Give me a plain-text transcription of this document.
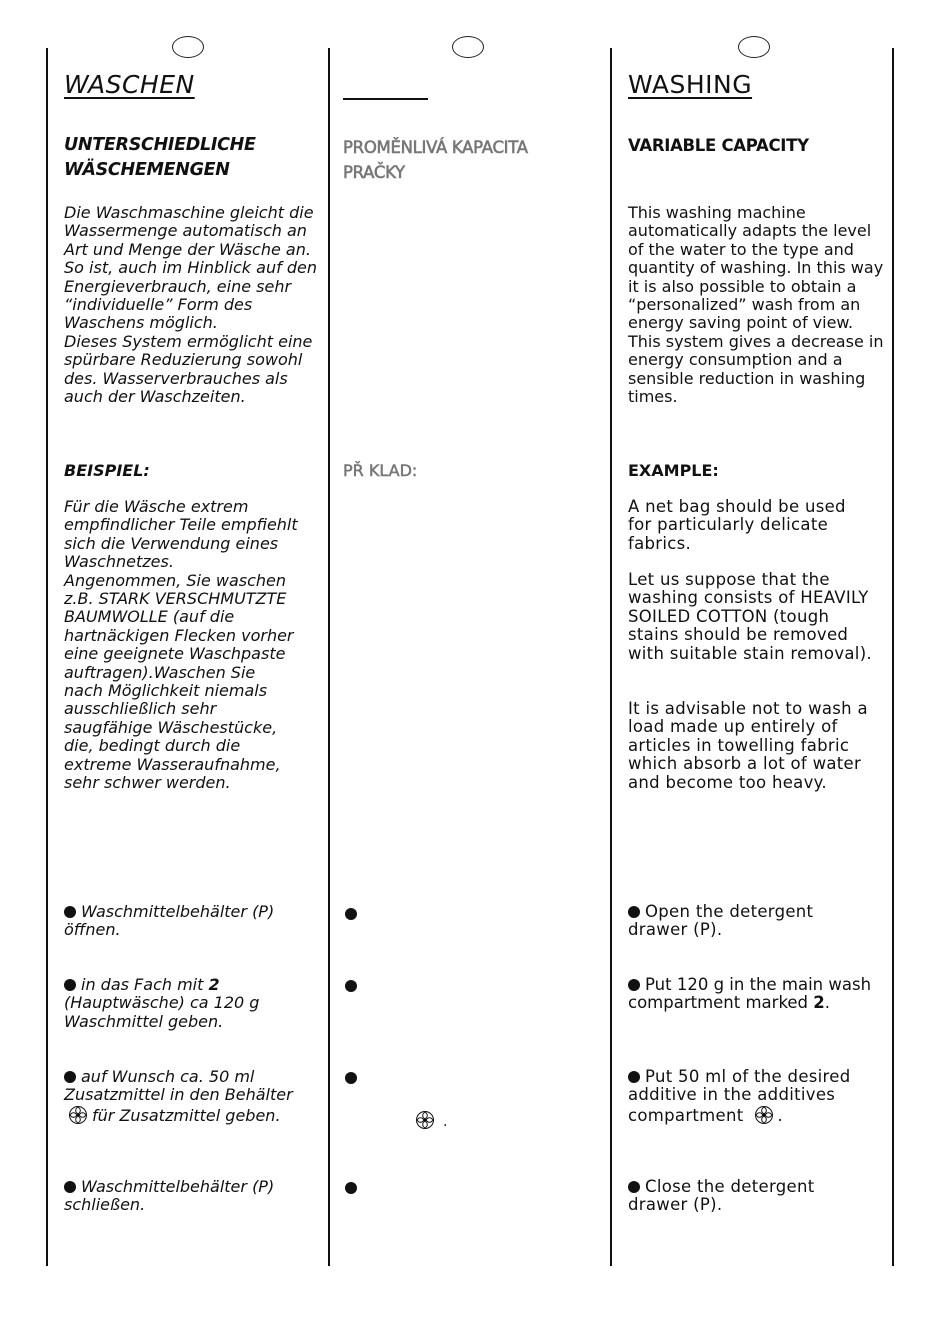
WASCHEN
UNTERSCHIEDLICHE
WÄSCHEMENGEN
Die Waschmaschine gleicht die
Wassermenge automatisch an
Art und Menge der Wäsche an.
So ist, auch im Hinblick auf den
Energieverbrauch, eine sehr
“individuelle” Form des
Waschens möglich.
Dieses System ermöglicht eine
spürbare Reduzierung sowohl
des. Wasserverbrauches als
auch der Waschzeiten.
BEISPIEL:
Für die Wäsche extrem
empfindlicher Teile empfiehlt
sich die Verwendung eines
Waschnetzes.
Angenommen, Sie waschen
z.B. STARK VERSCHMUTZTE
BAUMWOLLE (auf die
hartnäckigen Flecken vorher
eine geeignete Waschpaste
auftragen).Waschen Sie
nach Möglichkeit niemals
ausschließlich sehr
saugfähige Wäschestücke,
die, bedingt durch die
extreme Wasseraufnahme,
sehr schwer werden.
Waschmittelbehälter (P)
öffnen.
in das Fach mit 2
(Hauptwäsche) ca 120 g
Waschmittel geben.
auf Wunsch ca. 50 ml
Zusatzmittel in den Behälter
für Zusatzmittel geben.
Waschmittelbehälter (P)
schließen.
PROMĚNLIVÁ KAPACITA
PRAČKY
PŘ KLAD:
.
WASHING
VARIABLE CAPACITY
This washing machine
automatically adapts the level
of the water to the type and
quantity of washing. In this way
it is also possible to obtain a
“personalized” wash from an
energy saving point of view.
This system gives a decrease in
energy consumption and a
sensible reduction in washing
times.
EXAMPLE:
A net bag should be used
for particularly delicate
fabrics.
Let us suppose that the
washing consists of HEAVILY
SOILED COTTON (tough
stains should be removed
with suitable stain removal).
It is advisable not to wash a
load made up entirely of
articles in towelling fabric
which absorb a lot of water
and become too heavy.
Open the detergent
drawer (P).
Put 120 g in the main wash
compartment marked 2.
Put 50 ml of the desired
additive in the additives
compartment .
Close the detergent
drawer (P).
